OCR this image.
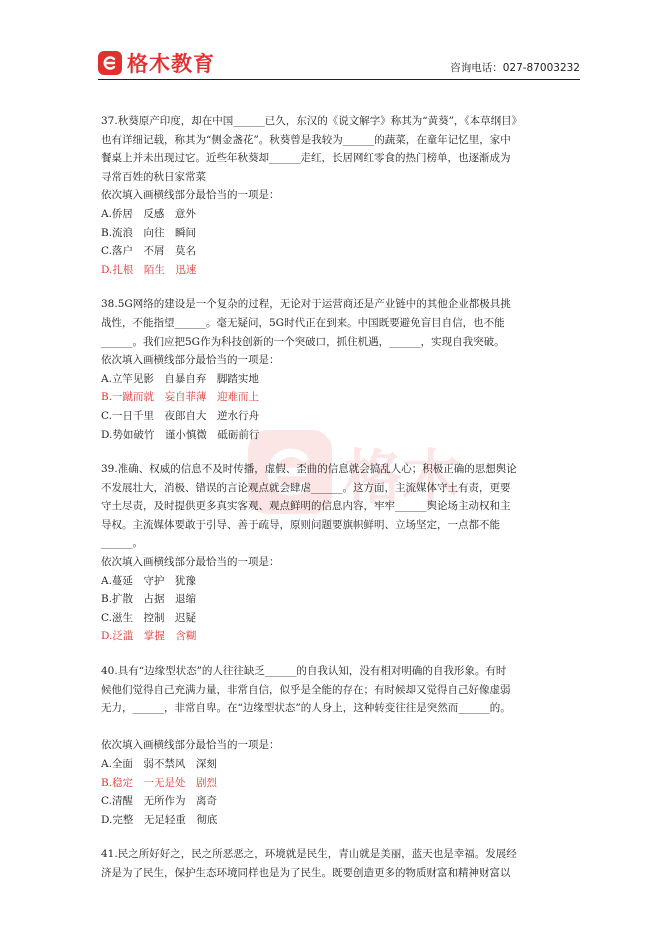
格木教育	咨询电话：027-87003232
格木
37.秋葵原产印度，却在中国______已久，东汉的《说文解字》称其为“黄葵”，《本草纲目》
也有详细记载，称其为“侧金盏花”。秋葵曾是我较为______的蔬菜，在童年记忆里，家中
餐桌上并未出现过它。近些年秋葵却______走红，长居网红零食的热门榜单，也逐渐成为
寻常百姓的秋日家常菜
依次填入画横线部分最恰当的一项是：
A.侨居　反感　意外
B.流浪　向往　瞬间
C.落户　不屑　莫名
D.扎根　陌生　迅速
38.5G网络的建设是一个复杂的过程，无论对于运营商还是产业链中的其他企业都极具挑
战性，不能指望______。毫无疑问，5G时代正在到来。中国既要避免盲目自信，也不能
______。我们应把5G作为科技创新的一个突破口，抓住机遇，______，实现自我突破。
依次填入画横线部分最恰当的一项是：
A.立竿见影　自暴自弃　脚踏实地
B.一蹴而就　妄自菲薄　迎难而上
C.一日千里　夜郎自大　逆水行舟
D.势如破竹　谨小慎微　砥砺前行
39.准确、权威的信息不及时传播，虚假、歪曲的信息就会搞乱人心；积极正确的思想舆论
不发展壮大，消极、错误的言论观点就会肆虐______。这方面，主流媒体守土有责，更要
守土尽责，及时提供更多真实客观、观点鲜明的信息内容，牢牢______舆论场主动权和主
导权。主流媒体要敢于引导、善于疏导，原则问题要旗帜鲜明、立场坚定，一点都不能
______。
依次填入画横线部分最恰当的一项是：
A.蔓延　守护　犹豫
B.扩散　占据　退缩
C.滋生　控制　迟疑
D.泛滥　掌握　含糊
40.具有“边缘型状态”的人往往缺乏______的自我认知，没有相对明确的自我形象。有时
候他们觉得自己充满力量，非常自信，似乎是全能的存在；有时候却又觉得自己好像虚弱
无力，______，非常自卑。在“边缘型状态”的人身上，这种转变往往是突然而______的。
依次填入画横线部分最恰当的一项是：
A.全面　弱不禁风　深刻
B.稳定　一无是处　剧烈
C.清醒　无所作为　离奇
D.完整　无足轻重　彻底
41.民之所好好之，民之所恶恶之，环境就是民生，青山就是美丽，蓝天也是幸福。发展经
济是为了民生，保护生态环境同样也是为了民生。既要创造更多的物质财富和精神财富以
